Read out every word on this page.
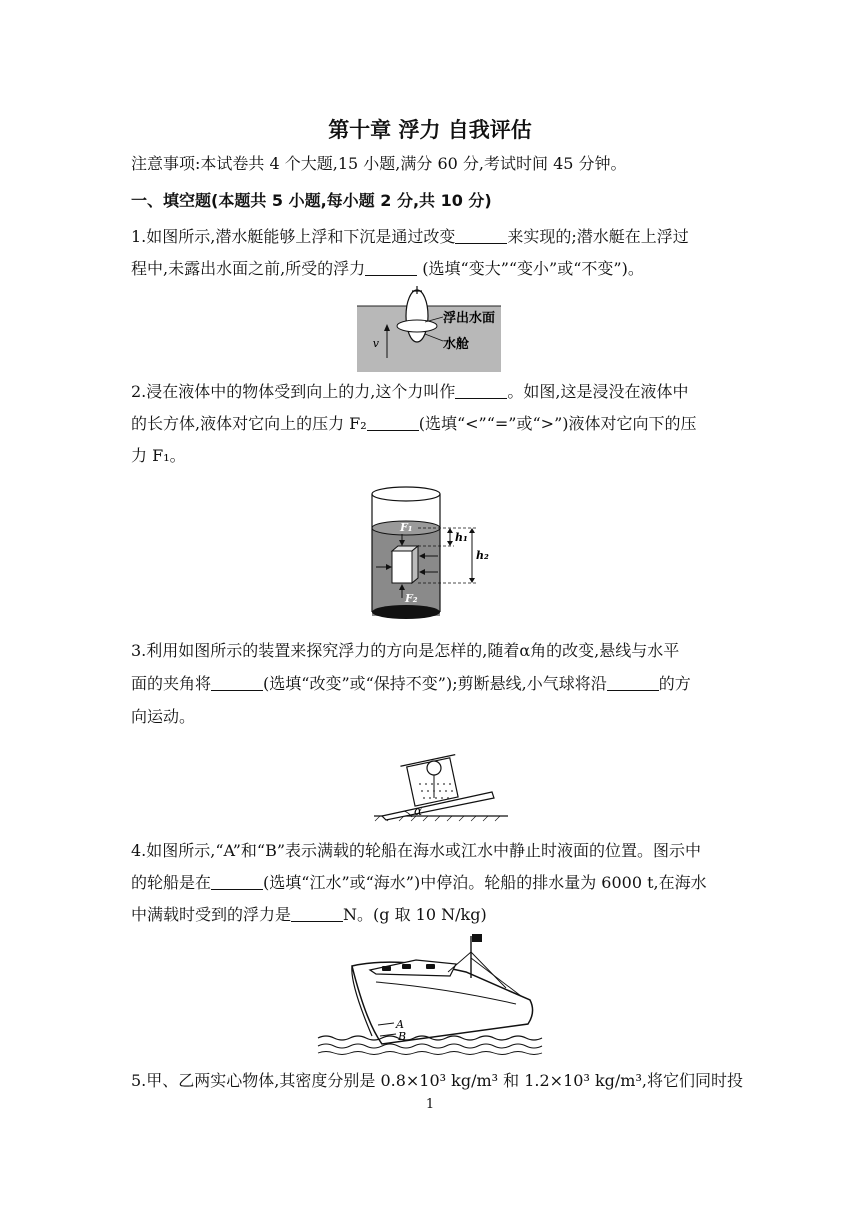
第十章 浮力 自我评估
注意事项:本试卷共 4 个大题,15 小题,满分 60 分,考试时间 45 分钟。
一、填空题(本题共 5 小题,每小题 2 分,共 10 分)
1.如图所示,潜水艇能够上浮和下沉是通过改变	来实现的;潜水艇在上浮过
程中,未露出水面之前,所受的浮力	(选填“变大”“变小”或“不变”)。
v
浮出水面
水舱
2.浸在液体中的物体受到向上的力,这个力叫作	。如图,这是浸没在液体中
的长方体,液体对它向上的压力 F₂	(选填“<”“=”或“>”)液体对它向下的压
力 F₁。
F₁
F₂
h₁
h₂
3.利用如图所示的装置来探究浮力的方向是怎样的,随着α角的改变,悬线与水平
面的夹角将	(选填“改变”或“保持不变”);剪断悬线,小气球将沿	的方
向运动。
α
4.如图所示,“A”和“B”表示满载的轮船在海水或江水中静止时液面的位置。图示中
的轮船是在	(选填“江水”或“海水”)中停泊。轮船的排水量为 6000 t,在海水
中满载时受到的浮力是	N。(g 取 10 N/kg)
A
B
5.甲、乙两实心物体,其密度分别是 0.8×10³ kg/m³ 和 1.2×10³ kg/m³,将它们同时投
1
